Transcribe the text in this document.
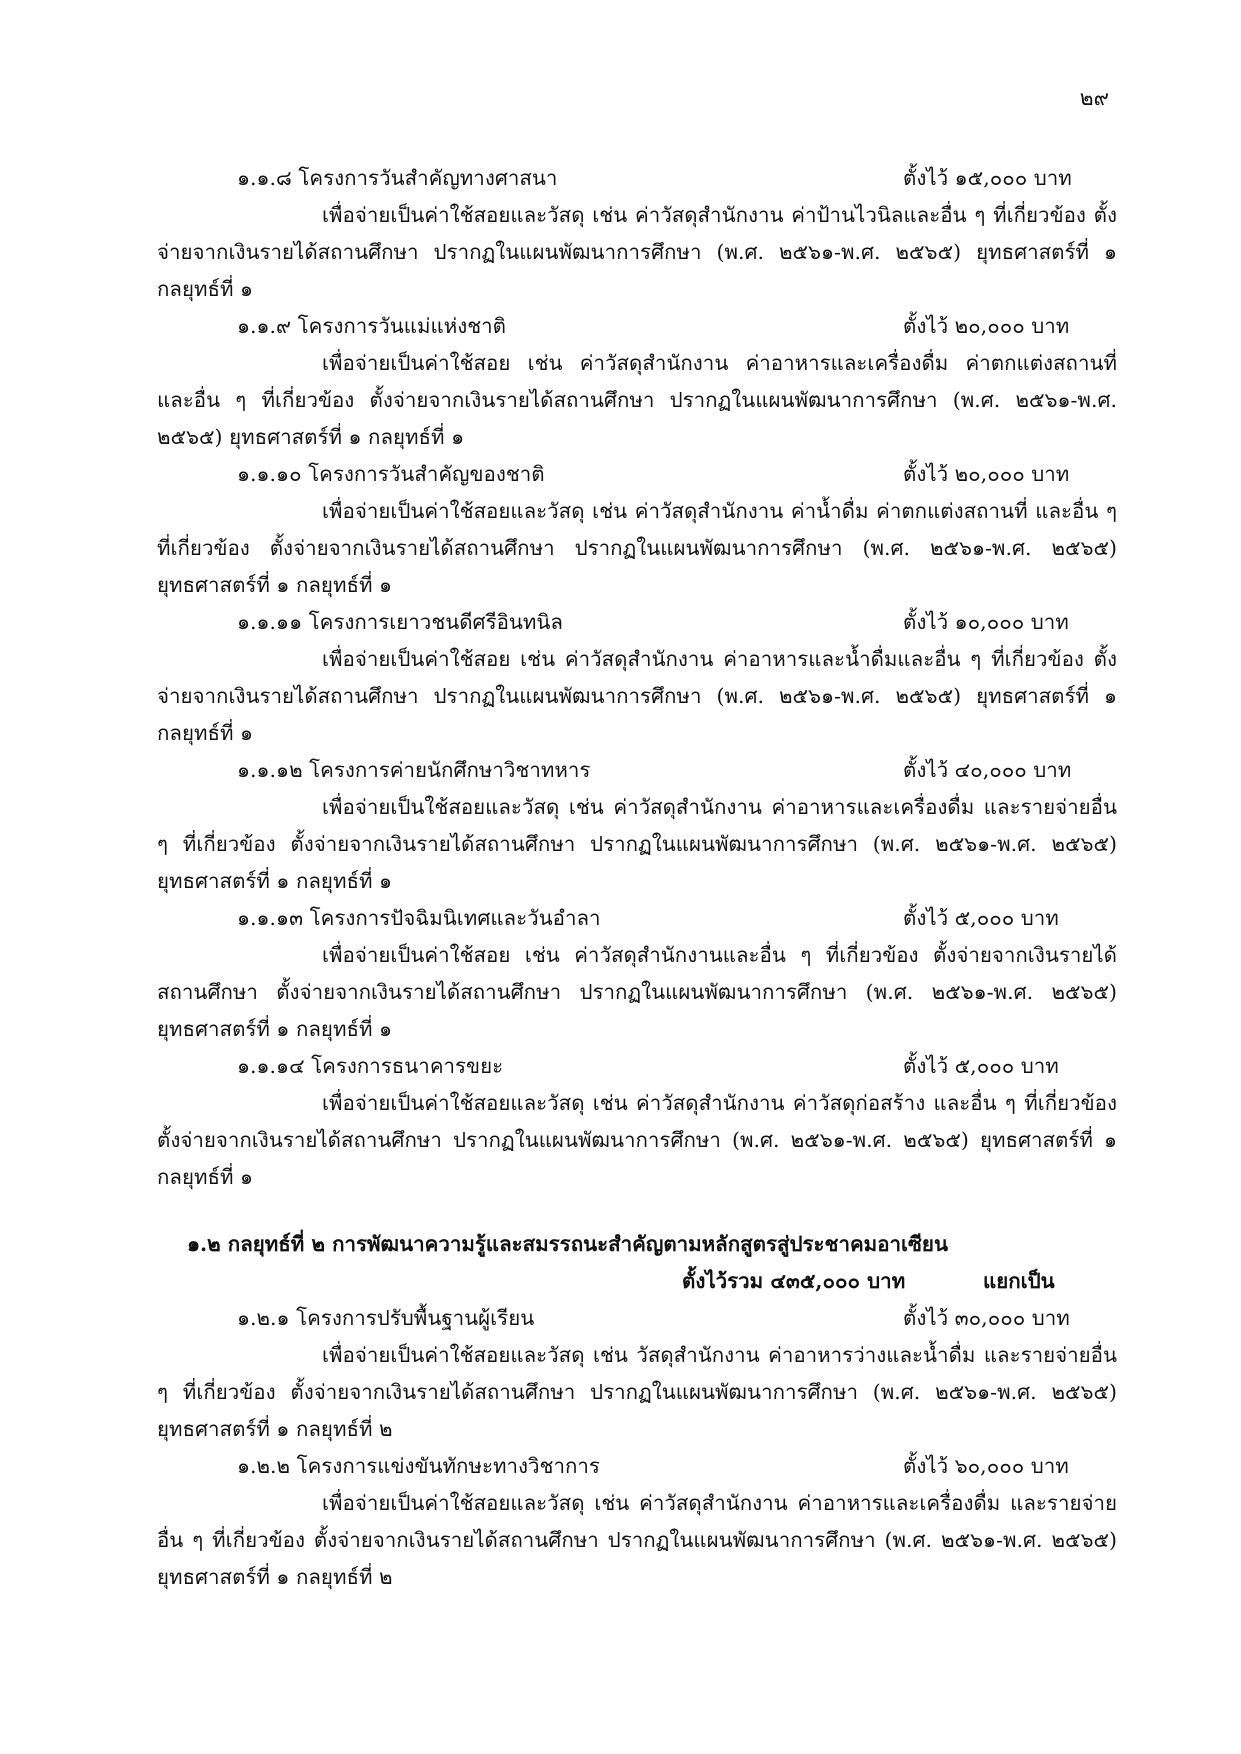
๒๙
๑.๑.๘ โครงการวันสำคัญทางศาสนา	ตั้งไว้ ๑๕,๐๐๐ บาท

เพื่อจ่ายเป็นค่าใช้สอยและวัสดุ เช่น ค่าวัสดุสำนักงาน ค่าป้านไวนิลและอื่น ๆ ที่เกี่ยวข้อง ตั้งจ่ายจากเงินรายได้สถานศึกษา ปรากฏในแผนพัฒนาการศึกษา (พ.ศ. ๒๕๖๑-พ.ศ. ๒๕๖๕) ยุทธศาสตร์ที่ ๑ กลยุทธ์ที่ ๑

๑.๑.๙ โครงการวันแม่แห่งชาติ	ตั้งไว้ ๒๐,๐๐๐ บาท

เพื่อจ่ายเป็นค่าใช้สอย เช่น ค่าวัสดุสำนักงาน ค่าอาหารและเครื่องดื่ม ค่าตกแต่งสถานที่ และอื่น ๆ ที่เกี่ยวข้อง ตั้งจ่ายจากเงินรายได้สถานศึกษา ปรากฏในแผนพัฒนาการศึกษา (พ.ศ. ๒๕๖๑-พ.ศ. ๒๕๖๕) ยุทธศาสตร์ที่ ๑ กลยุทธ์ที่ ๑

๑.๑.๑๐ โครงการวันสำคัญของชาติ	ตั้งไว้ ๒๐,๐๐๐ บาท

เพื่อจ่ายเป็นค่าใช้สอยและวัสดุ เช่น ค่าวัสดุสำนักงาน ค่าน้ำดื่ม ค่าตกแต่งสถานที่ และอื่น ๆ ที่เกี่ยวข้อง ตั้งจ่ายจากเงินรายได้สถานศึกษา ปรากฏในแผนพัฒนาการศึกษา (พ.ศ. ๒๕๖๑-พ.ศ. ๒๕๖๕) ยุทธศาสตร์ที่ ๑ กลยุทธ์ที่ ๑

๑.๑.๑๑ โครงการเยาวชนดีศรีอินทนิล	ตั้งไว้ ๑๐,๐๐๐ บาท

เพื่อจ่ายเป็นค่าใช้สอย เช่น ค่าวัสดุสำนักงาน ค่าอาหารและน้ำดื่มและอื่น ๆ ที่เกี่ยวข้อง ตั้งจ่ายจากเงินรายได้สถานศึกษา ปรากฏในแผนพัฒนาการศึกษา (พ.ศ. ๒๕๖๑-พ.ศ. ๒๕๖๕) ยุทธศาสตร์ที่ ๑ กลยุทธ์ที่ ๑

๑.๑.๑๒ โครงการค่ายนักศึกษาวิชาทหาร	ตั้งไว้ ๔๐,๐๐๐ บาท

เพื่อจ่ายเป็นใช้สอยและวัสดุ เช่น ค่าวัสดุสำนักงาน ค่าอาหารและเครื่องดื่ม และรายจ่ายอื่น ๆ ที่เกี่ยวข้อง ตั้งจ่ายจากเงินรายได้สถานศึกษา ปรากฏในแผนพัฒนาการศึกษา (พ.ศ. ๒๕๖๑-พ.ศ. ๒๕๖๕) ยุทธศาสตร์ที่ ๑ กลยุทธ์ที่ ๑

๑.๑.๑๓ โครงการปัจฉิมนิเทศและวันอำลา	ตั้งไว้ ๕,๐๐๐ บาท

เพื่อจ่ายเป็นค่าใช้สอย เช่น ค่าวัสดุสำนักงานและอื่น ๆ ที่เกี่ยวข้อง ตั้งจ่ายจากเงินรายได้สถานศึกษา ตั้งจ่ายจากเงินรายได้สถานศึกษา ปรากฏในแผนพัฒนาการศึกษา (พ.ศ. ๒๕๖๑-พ.ศ. ๒๕๖๕) ยุทธศาสตร์ที่ ๑ กลยุทธ์ที่ ๑

๑.๑.๑๔ โครงการธนาคารขยะ	ตั้งไว้ ๕,๐๐๐ บาท

เพื่อจ่ายเป็นค่าใช้สอยและวัสดุ เช่น ค่าวัสดุสำนักงาน ค่าวัสดุก่อสร้าง และอื่น ๆ ที่เกี่ยวข้อง ตั้งจ่ายจากเงินรายได้สถานศึกษา ปรากฏในแผนพัฒนาการศึกษา (พ.ศ. ๒๕๖๑-พ.ศ. ๒๕๖๕) ยุทธศาสตร์ที่ ๑ กลยุทธ์ที่ ๑

๑.๒ กลยุทธ์ที่ ๒ การพัฒนาความรู้และสมรรถนะสำคัญตามหลักสูตรสู่ประชาคมอาเซียน
ตั้งไว้รวม ๔๓๕,๐๐๐ บาท	แยกเป็น
๑.๒.๑ โครงการปรับพื้นฐานผู้เรียน	ตั้งไว้ ๓๐,๐๐๐ บาท

เพื่อจ่ายเป็นค่าใช้สอยและวัสดุ เช่น วัสดุสำนักงาน ค่าอาหารว่างและน้ำดื่ม และรายจ่ายอื่น ๆ ที่เกี่ยวข้อง ตั้งจ่ายจากเงินรายได้สถานศึกษา ปรากฏในแผนพัฒนาการศึกษา (พ.ศ. ๒๕๖๑-พ.ศ. ๒๕๖๕) ยุทธศาสตร์ที่ ๑ กลยุทธ์ที่ ๒

๑.๒.๒ โครงการแข่งขันทักษะทางวิชาการ	ตั้งไว้ ๖๐,๐๐๐ บาท

เพื่อจ่ายเป็นค่าใช้สอยและวัสดุ เช่น ค่าวัสดุสำนักงาน ค่าอาหารและเครื่องดื่ม และรายจ่ายอื่น ๆ ที่เกี่ยวข้อง ตั้งจ่ายจากเงินรายได้สถานศึกษา ปรากฏในแผนพัฒนาการศึกษา (พ.ศ. ๒๕๖๑-พ.ศ. ๒๕๖๕) ยุทธศาสตร์ที่ ๑ กลยุทธ์ที่ ๒
